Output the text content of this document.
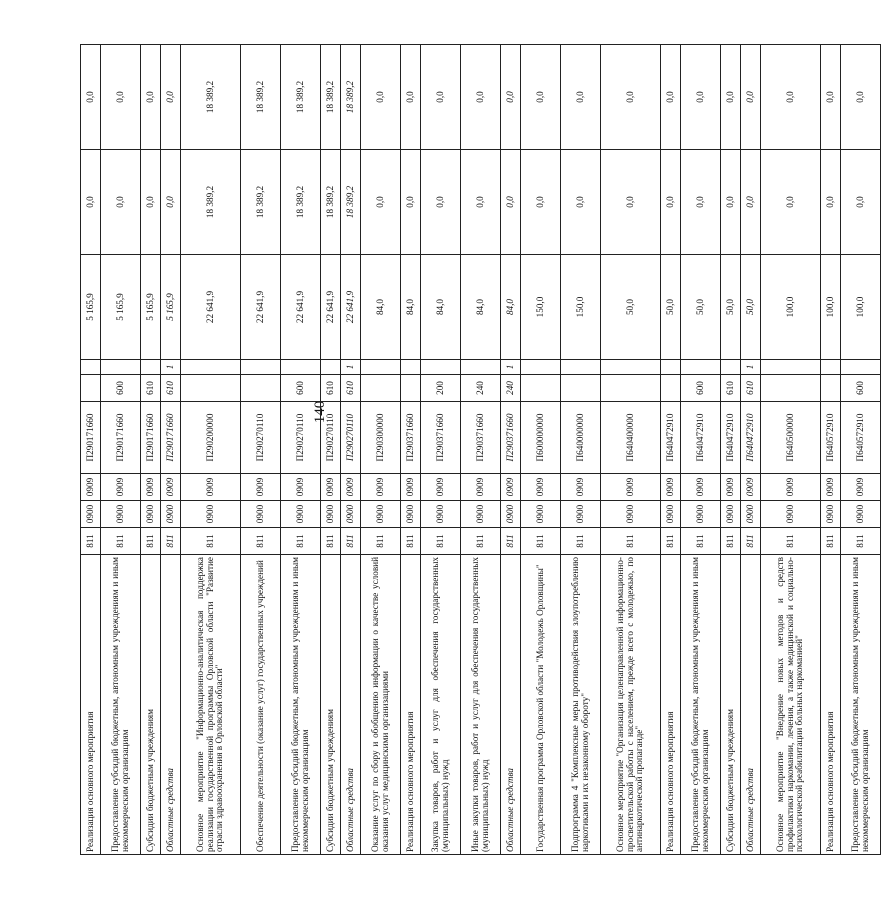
140
Реализация основного мероприятия	811	0900	0909	П290171660			5 165,9	0,0	0,0
Предоставление субсидий бюджетным, автономным учреждениям и иным некоммерческим организациям	811	0900	0909	П290171660	600		5 165,9	0,0	0,0
Субсидии бюджетным учреждениям	811	0900	0909	П290171660	610		5 165,9	0,0	0,0
Областные средства	811	0900	0909	П290171660	610	1	5 165,9	0,0	0,0
Основное мероприятие "Информационно-аналитическая поддержка реализации государственной программы Орловской области "Развитие отрасли здравоохранения в Орловской области"	811	0900	0909	П290200000			22 641,9	18 389,2	18 389,2
Обеспечение деятельности (оказание услуг) государственных учреждений	811	0900	0909	П290270110			22 641,9	18 389,2	18 389,2
Предоставление субсидий бюджетным, автономным учреждениям и иным некоммерческим организациям	811	0900	0909	П290270110	600		22 641,9	18 389,2	18 389,2
Субсидии бюджетным учреждениям	811	0900	0909	П290270110	610		22 641,9	18 389,2	18 389,2
Областные средства	811	0900	0909	П290270110	610	1	22 641,9	18 389,2	18 389,2
Оказание услуг по сбору и обобщению информации о качестве условий оказания услуг медицинскими организациями	811	0900	0909	П290300000			84,0	0,0	0,0
Реализация основного мероприятия	811	0900	0909	П290371660			84,0	0,0	0,0
Закупка товаров, работ и услуг для обеспечения государственных (муниципальных) нужд	811	0900	0909	П290371660	200		84,0	0,0	0,0
Иные закупки товаров, работ и услуг для обеспечения государственных (муниципальных) нужд	811	0900	0909	П290371660	240		84,0	0,0	0,0
Областные средства	811	0900	0909	П290371660	240	1	84,0	0,0	0,0
Государственная программа Орловской области "Молодежь Орловщины"	811	0900	0909	П600000000			150,0	0,0	0,0
Подпрограмма 4 "Комплексные меры противодействия злоупотреблению наркотиками и их незаконному обороту"	811	0900	0909	П640000000			150,0	0,0	0,0
Основное мероприятие "Организация целенаправленной информационно-просветительской работы с населением, прежде всего с молодежью, по антинаркотической пропаганде"	811	0900	0909	П640400000			50,0	0,0	0,0
Реализация основного мероприятия	811	0900	0909	П640472910			50,0	0,0	0,0
Предоставление субсидий бюджетным, автономным учреждениям и иным некоммерческим организациям	811	0900	0909	П640472910	600		50,0	0,0	0,0
Субсидии бюджетным учреждениям	811	0900	0909	П640472910	610		50,0	0,0	0,0
Областные средства	811	0900	0909	П640472910	610	1	50,0	0,0	0,0
Основное мероприятие "Внедрение новых методов и средств профилактики наркомании, лечения, а также медицинской и социально-психологической реабилитации больных наркоманией"	811	0900	0909	П640500000			100,0	0,0	0,0
Реализация основного мероприятия	811	0900	0909	П640572910			100,0	0,0	0,0
Предоставление субсидий бюджетным, автономным учреждениям и иным некоммерческим организациям	811	0900	0909	П640572910	600		100,0	0,0	0,0
